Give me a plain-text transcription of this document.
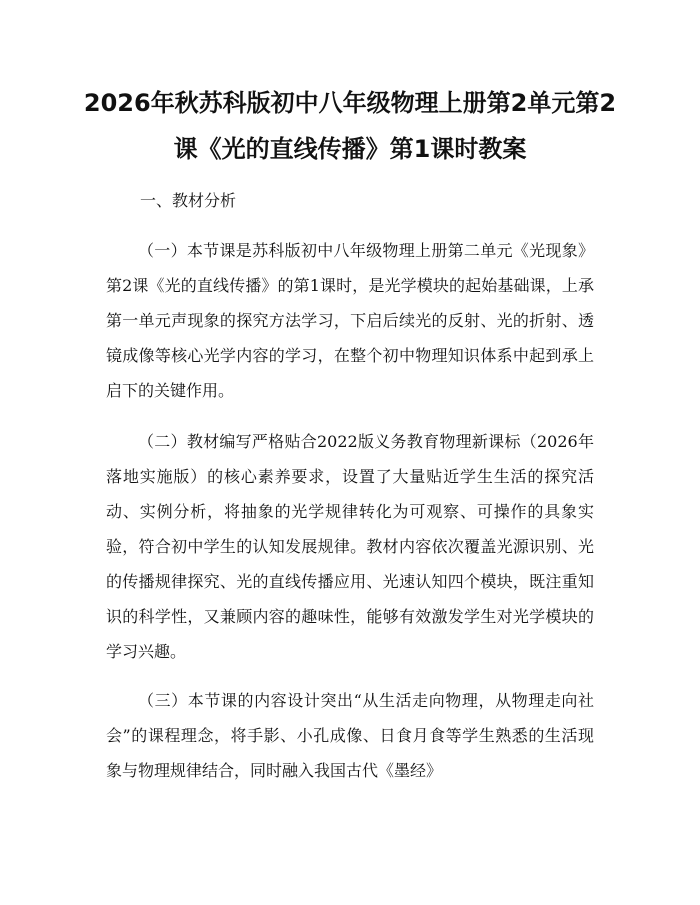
2026年秋苏科版初中八年级物理上册第2单元第2课《光的直线传播》第1课时教案
一、教材分析

（一）本节课是苏科版初中八年级物理上册第二单元《光现象》第2课《光的直线传播》的第1课时，是光学模块的起始基础课，上承第一单元声现象的探究方法学习，下启后续光的反射、光的折射、透镜成像等核心光学内容的学习，在整个初中物理知识体系中起到承上启下的关键作用。

（二）教材编写严格贴合2022版义务教育物理新课标（2026年落地实施版）的核心素养要求，设置了大量贴近学生生活的探究活动、实例分析，将抽象的光学规律转化为可观察、可操作的具象实验，符合初中学生的认知发展规律。教材内容依次覆盖光源识别、光的传播规律探究、光的直线传播应用、光速认知四个模块，既注重知识的科学性，又兼顾内容的趣味性，能够有效激发学生对光学模块的学习兴趣。

（三）本节课的内容设计突出“从生活走向物理，从物理走向社会”的课程理念，将手影、小孔成像、日食月食等学生熟悉的生活现象与物理规律结合，同时融入我国古代《墨经》
